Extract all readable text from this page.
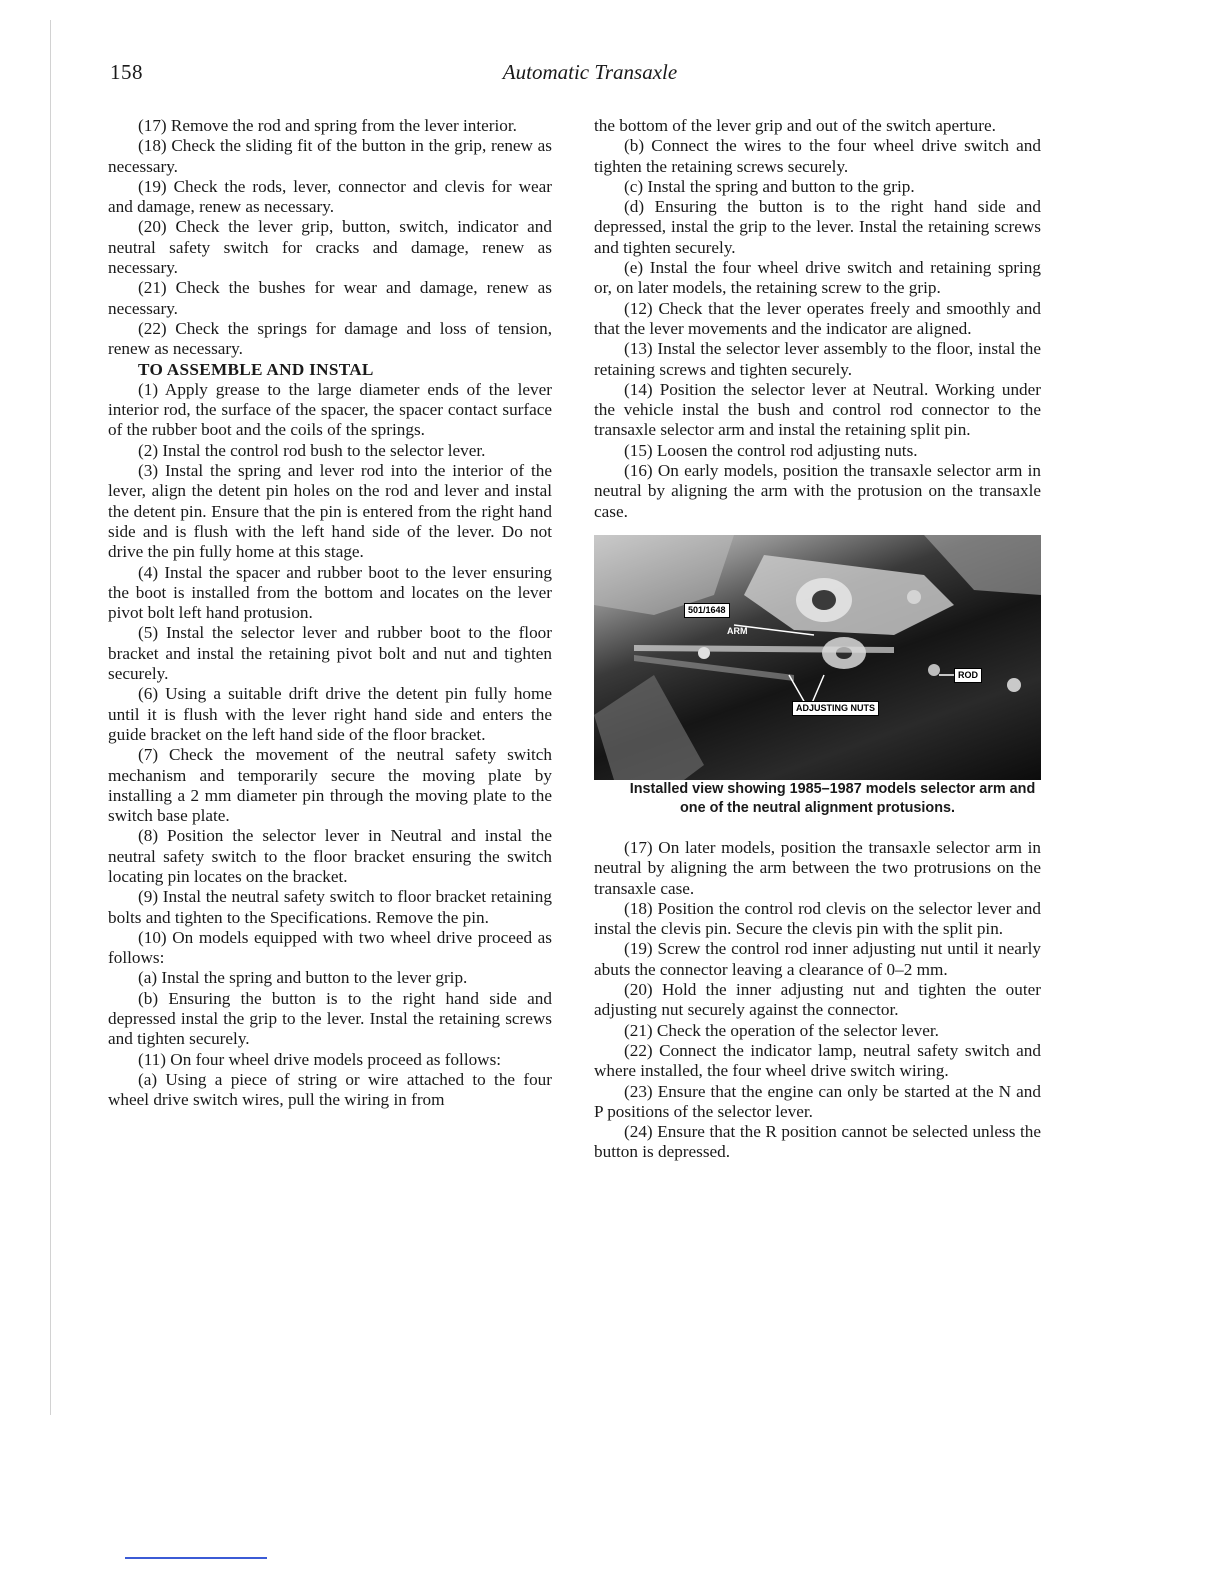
158	Automatic Transaxle

(17) Remove the rod and spring from the lever interior.

(18) Check the sliding fit of the button in the grip, renew as necessary.

(19) Check the rods, lever, connector and clevis for wear and damage, renew as necessary.

(20) Check the lever grip, button, switch, indicator and neutral safety switch for cracks and damage, renew as necessary.

(21) Check the bushes for wear and damage, renew as necessary.

(22) Check the springs for damage and loss of tension, renew as necessary.

TO ASSEMBLE AND INSTAL

(1) Apply grease to the large diameter ends of the lever interior rod, the surface of the spacer, the spacer contact surface of the rubber boot and the coils of the springs.

(2) Instal the control rod bush to the selector lever.

(3) Instal the spring and lever rod into the interior of the lever, align the detent pin holes on the rod and lever and instal the detent pin. Ensure that the pin is entered from the right hand side and is flush with the left hand side of the lever. Do not drive the pin fully home at this stage.

(4) Instal the spacer and rubber boot to the lever ensuring the boot is installed from the bottom and locates on the lever pivot bolt left hand protusion.

(5) Instal the selector lever and rubber boot to the floor bracket and instal the retaining pivot bolt and nut and tighten securely.

(6) Using a suitable drift drive the detent pin fully home until it is flush with the lever right hand side and enters the guide bracket on the left hand side of the floor bracket.

(7) Check the movement of the neutral safety switch mechanism and temporarily secure the moving plate by installing a 2 mm diameter pin through the moving plate to the switch base plate.

(8) Position the selector lever in Neutral and instal the neutral safety switch to the floor bracket ensuring the switch locating pin locates on the bracket.

(9) Instal the neutral safety switch to floor bracket retaining bolts and tighten to the Specifications. Remove the pin.

(10) On models equipped with two wheel drive proceed as follows:

(a) Instal the spring and button to the lever grip.

(b) Ensuring the button is to the right hand side and depressed instal the grip to the lever. Instal the retaining screws and tighten securely.

(11) On four wheel drive models proceed as follows:

(a) Using a piece of string or wire attached to the four wheel drive switch wires, pull the wiring in from

the bottom of the lever grip and out of the switch aperture.

(b) Connect the wires to the four wheel drive switch and tighten the retaining screws securely.

(c) Instal the spring and button to the grip.

(d) Ensuring the button is to the right hand side and depressed, instal the grip to the lever. Instal the retaining screws and tighten securely.

(e) Instal the four wheel drive switch and retaining spring or, on later models, the retaining screw to the grip.

(12) Check that the lever operates freely and smoothly and that the lever movements and the indicator are aligned.

(13) Instal the selector lever assembly to the floor, instal the retaining screws and tighten securely.

(14) Position the selector lever at Neutral. Working under the vehicle instal the bush and control rod connector to the transaxle selector arm and instal the retaining split pin.

(15) Loosen the control rod adjusting nuts.

(16) On early models, position the transaxle selector arm in neutral by aligning the arm with the protusion on the transaxle case.

501/1648
ARM
ROD
ADJUSTING NUTS

Installed view showing 1985–1987 models selector arm and one of the neutral alignment protusions.

(17) On later models, position the transaxle selector arm in neutral by aligning the arm between the two protrusions on the transaxle case.

(18) Position the control rod clevis on the selector lever and instal the clevis pin. Secure the clevis pin with the split pin.

(19) Screw the control rod inner adjusting nut until it nearly abuts the connector leaving a clearance of 0–2 mm.

(20) Hold the inner adjusting nut and tighten the outer adjusting nut securely against the connector.

(21) Check the operation of the selector lever.

(22) Connect the indicator lamp, neutral safety switch and where installed, the four wheel drive switch wiring.

(23) Ensure that the engine can only be started at the N and P positions of the selector lever.

(24) Ensure that the R position cannot be selected unless the button is depressed.
